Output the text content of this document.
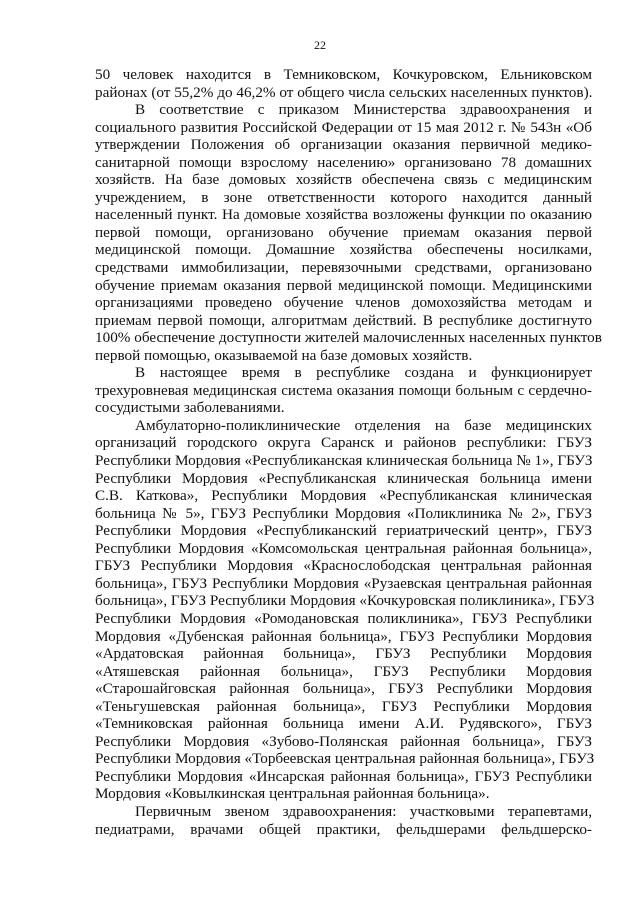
22
50 человек находится в Темниковском, Кочкуровском, Ельниковском
районах (от 55,2% до 46,2% от общего числа сельских населенных пунктов).
В соответствие с приказом Министерства здравоохранения и
социального развития Российской Федерации от 15 мая 2012 г. № 543н «Об
утверждении Положения об организации оказания первичной медико-
санитарной помощи взрослому населению» организовано 78 домашних
хозяйств. На базе домовых хозяйств обеспечена связь с медицинским
учреждением, в зоне ответственности которого находится данный
населенный пункт. На домовые хозяйства возложены функции по оказанию
первой помощи, организовано обучение приемам оказания первой
медицинской помощи. Домашние хозяйства обеспечены носилками,
средствами иммобилизации, перевязочными средствами, организовано
обучение приемам оказания первой медицинской помощи. Медицинскими
организациями проведено обучение членов домохозяйства методам и
приемам первой помощи, алгоритмам действий. В республике достигнуто
100% обеспечение доступности жителей малочисленных населенных пунктов
первой помощью, оказываемой на базе домовых хозяйств.
В настоящее время в республике создана и функционирует
трехуровневая медицинская система оказания помощи больным с сердечно-
сосудистыми заболеваниями.
Амбулаторно-поликлинические отделения на базе медицинских
организаций городского округа Саранск и районов республики: ГБУЗ
Республики Мордовия «Республиканская клиническая больница № 1», ГБУЗ
Республики Мордовия «Республиканская клиническая больница имени
С.В. Каткова», Республики Мордовия «Республиканская клиническая
больница № 5», ГБУЗ Республики Мордовия «Поликлиника № 2», ГБУЗ
Республики Мордовия «Республиканский гериатрический центр», ГБУЗ
Республики Мордовия «Комсомольская центральная районная больница»,
ГБУЗ Республики Мордовия «Краснослободская центральная районная
больница», ГБУЗ Республики Мордовия «Рузаевская центральная районная
больница», ГБУЗ Республики Мордовия «Кочкуровская поликлиника», ГБУЗ
Республики Мордовия «Ромодановская поликлиника», ГБУЗ Республики
Мордовия «Дубенская районная больница», ГБУЗ Республики Мордовия
«Ардатовская районная больница», ГБУЗ Республики Мордовия
«Атяшевская районная больница», ГБУЗ Республики Мордовия
«Старошайговская районная больница», ГБУЗ Республики Мордовия
«Теньгушевская районная больница», ГБУЗ Республики Мордовия
«Темниковская районная больница имени А.И. Рудявского», ГБУЗ
Республики Мордовия «Зубово-Полянская районная больница», ГБУЗ
Республики Мордовия «Торбеевская центральная районная больница», ГБУЗ
Республики Мордовия «Инсарская районная больница», ГБУЗ Республики
Мордовия «Ковылкинская центральная районная больница».
Первичным звеном здравоохранения: участковыми терапевтами,
педиатрами, врачами общей практики, фельдшерами фельдшерско-
